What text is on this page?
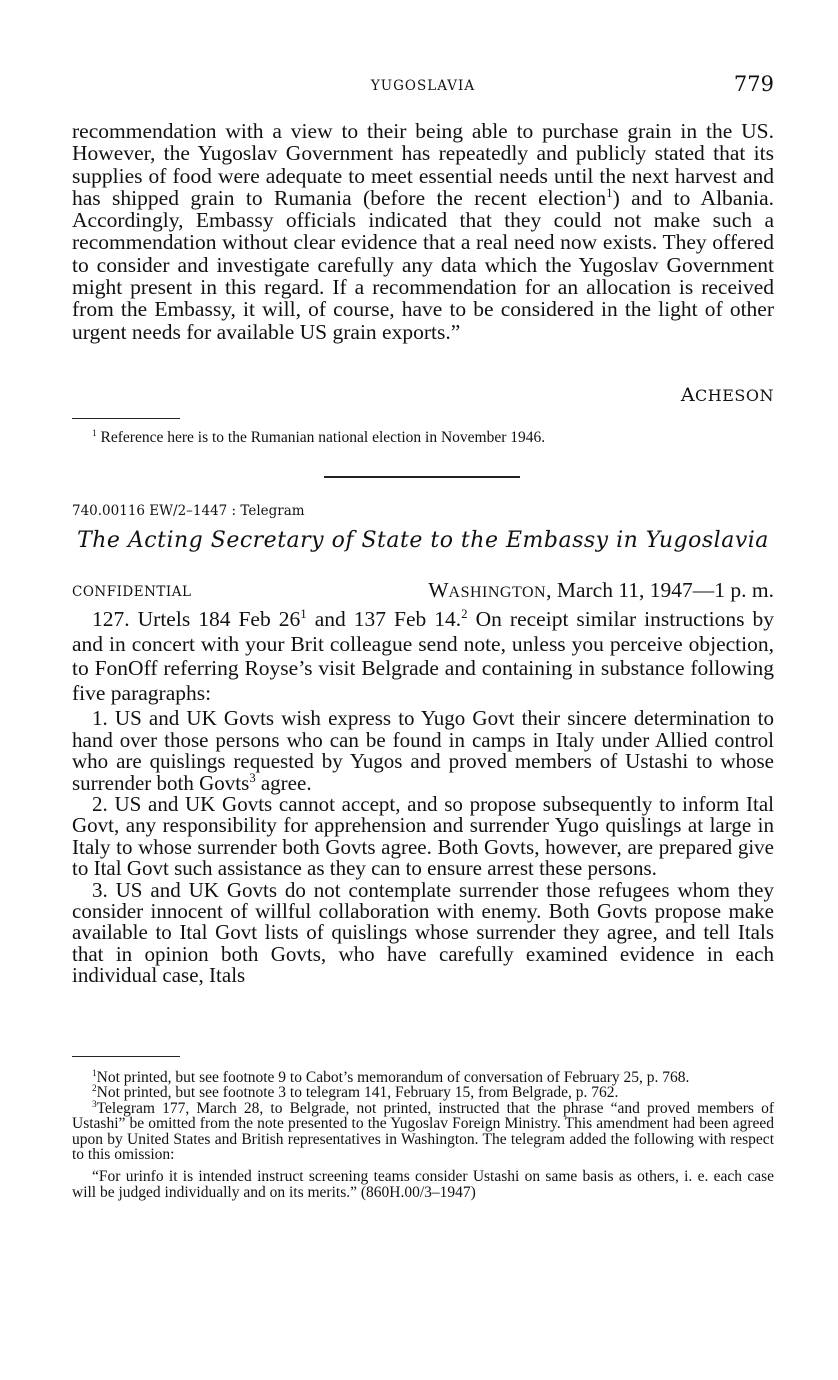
YUGOSLAVIA	779

recommendation with a view to their being able to purchase grain in the US. However, the Yugoslav Government has repeatedly and publicly stated that its supplies of food were adequate to meet essential needs until the next harvest and has shipped grain to Rumania (before the recent election$^1$) and to Albania. Accordingly, Embassy officials indicated that they could not make such a recommendation without clear evidence that a real need now exists. They offered to consider and investigate carefully any data which the Yugoslav Government might present in this regard. If a recommendation for an allocation is received from the Embassy, it will, of course, have to be considered in the light of other urgent needs for available US grain exports.”

ACHESON

$^1$ Reference here is to the Rumanian national election in November 1946.

740.00116 EW/2–1447 : Telegram
The Acting Secretary of State to the Embassy in Yugoslavia
CONFIDENTIAL	WASHINGTON, March 11, 1947—1 p. m.

127. Urtels 184 Feb $26^1$ and 137 Feb 14.$^2$ On receipt similar instructions by and in concert with your Brit colleague send note, unless you perceive objection, to FonOff referring Royse’s visit Belgrade and containing in substance following five paragraphs:

1. US and UK Govts wish express to Yugo Govt their sincere determination to hand over those persons who can be found in camps in Italy under Allied control who are quislings requested by Yugos and proved members of Ustashi to whose surrender both Govts$^3$ agree.

2. US and UK Govts cannot accept, and so propose subsequently to inform Ital Govt, any responsibility for apprehension and surrender Yugo quislings at large in Italy to whose surrender both Govts agree. Both Govts, however, are prepared give to Ital Govt such assistance as they can to ensure arrest these persons.

3. US and UK Govts do not contemplate surrender those refugees whom they consider innocent of willful collaboration with enemy. Both Govts propose make available to Ital Govt lists of quislings whose surrender they agree, and tell Itals that in opinion both Govts, who have carefully examined evidence in each individual case, Itals

$^1$Not printed, but see footnote 9 to Cabot’s memorandum of conversation of February 25, p. 768.

$^2$Not printed, but see footnote 3 to telegram 141, February 15, from Belgrade, p. 762.

$^3$Telegram 177, March 28, to Belgrade, not printed, instructed that the phrase “and proved members of Ustashi” be omitted from the note presented to the Yugoslav Foreign Ministry. This amendment had been agreed upon by United States and British representatives in Washington. The telegram added the following with respect to this omission:

“For urinfo it is intended instruct screening teams consider Ustashi on same basis as others, i. e. each case will be judged individually and on its merits.” (860H.00/3–1947)
